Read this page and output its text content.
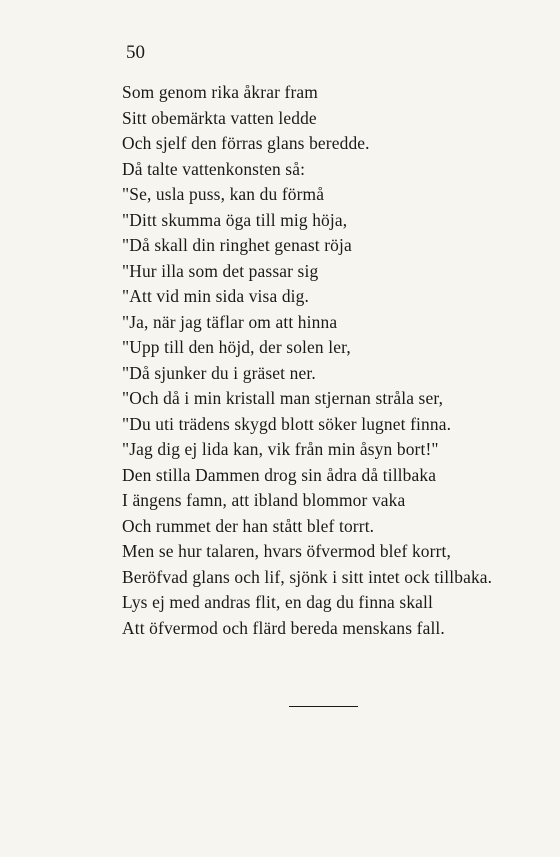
50
Som genom rika åkrar fram
Sitt obemärkta vatten ledde
Och sjelf den förras glans beredde.
Då talte vattenkonsten så:
"Se, usla puss, kan du förmå
"Ditt skumma öga till mig höja,
"Då skall din ringhet genast röja
"Hur illa som det passar sig
"Att vid min sida visa dig.
"Ja, när jag täflar om att hinna
"Upp till den höjd, der solen ler,
"Då sjunker du i gräset ner.
"Och då i min kristall man stjernan stråla ser,
"Du uti trädens skygd blott söker lugnet finna.
"Jag dig ej lida kan, vik från min åsyn bort!"
Den stilla Dammen drog sin ådra då tillbaka
I ängens famn, att ibland blommor vaka
Och rummet der han stått blef torrt.
Men se hur talaren, hvars öfvermod blef korrt,
Beröfvad glans och lif, sjönk i sitt intet ock tillbaka.
Lys ej med andras flit, en dag du finna skall
Att öfvermod och flärd bereda menskans fall.
